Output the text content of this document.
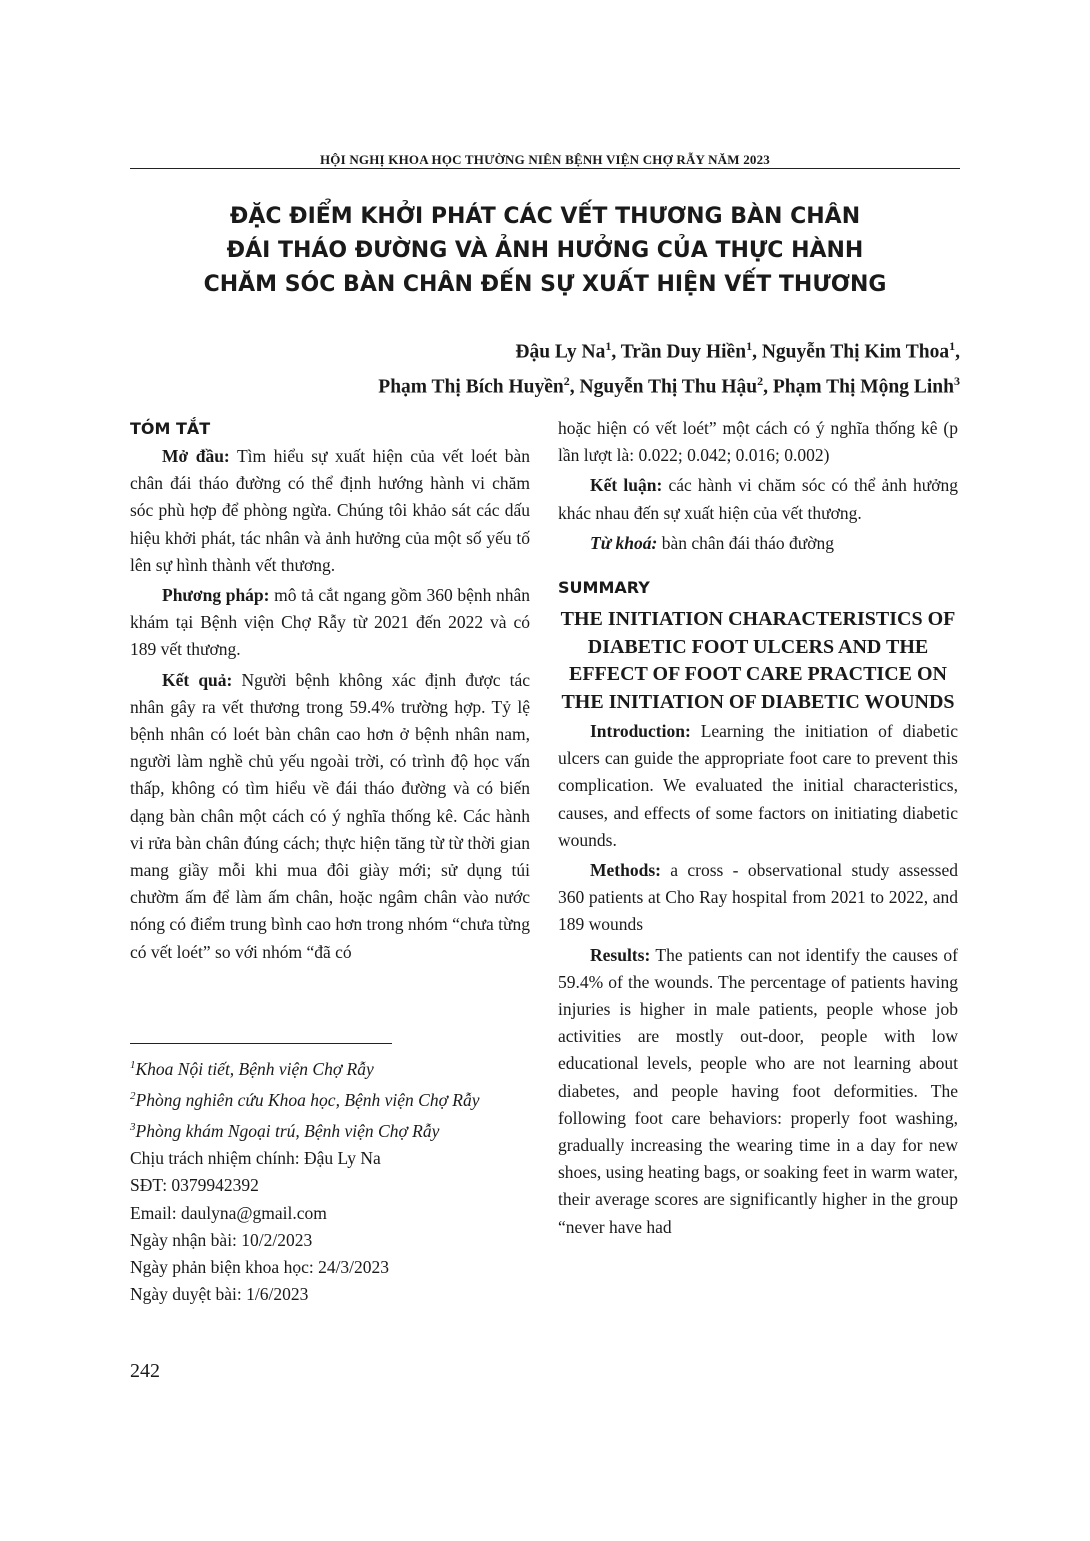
HỘI NGHỊ KHOA HỌC THƯỜNG NIÊN BỆNH VIỆN CHỢ RẪY NĂM 2023
ĐẶC ĐIỂM KHỞI PHÁT CÁC VẾT THƯƠNG BÀN CHÂN
ĐÁI THÁO ĐƯỜNG VÀ ẢNH HƯỞNG CỦA THỰC HÀNH
CHĂM SÓC BÀN CHÂN ĐẾN SỰ XUẤT HIỆN VẾT THƯƠNG
Đậu Ly Na$^1$, Trần Duy Hiền$^1$, Nguyễn Thị Kim Thoa$^1$,
Phạm Thị Bích Huyền$^2$, Nguyễn Thị Thu Hậu$^2$, Phạm Thị Mộng Linh$^3$
TÓM TẮT

Mở đầu: Tìm hiểu sự xuất hiện của vết loét bàn chân đái tháo đường có thể định hướng hành vi chăm sóc phù hợp để phòng ngừa. Chúng tôi khảo sát các dấu hiệu khởi phát, tác nhân và ảnh hưởng của một số yếu tố lên sự hình thành vết thương.

Phương pháp: mô tả cắt ngang gồm 360 bệnh nhân khám tại Bệnh viện Chợ Rẫy từ 2021 đến 2022 và có 189 vết thương.

Kết quả: Người bệnh không xác định được tác nhân gây ra vết thương trong 59.4% trường hợp. Tỷ lệ bệnh nhân có loét bàn chân cao hơn ở bệnh nhân nam, người làm nghề chủ yếu ngoài trời, có trình độ học vấn thấp, không có tìm hiểu về đái tháo đường và có biến dạng bàn chân một cách có ý nghĩa thống kê. Các hành vi rửa bàn chân đúng cách; thực hiện tăng từ từ thời gian mang giầy mỗi khi mua đôi giày mới; sử dụng túi chườm ấm để làm ấm chân, hoặc ngâm chân vào nước nóng có điểm trung bình cao hơn trong nhóm “chưa từng có vết loét” so với nhóm “đã có

$^1$Khoa Nội tiết, Bệnh viện Chợ Rẫy

$^2$Phòng nghiên cứu Khoa học, Bệnh viện Chợ Rẫy

$^3$Phòng khám Ngoại trú, Bệnh viện Chợ Rẫy

Chịu trách nhiệm chính: Đậu Ly Na

SĐT: 0379942392

Email: daulyna@gmail.com

Ngày nhận bài: 10/2/2023

Ngày phản biện khoa học: 24/3/2023

Ngày duyệt bài: 1/6/2023

hoặc hiện có vết loét” một cách có ý nghĩa thống kê (p lần lượt là: 0.022; 0.042; 0.016; 0.002)

Kết luận: các hành vi chăm sóc có thể ảnh hưởng khác nhau đến sự xuất hiện của vết thương.

Từ khoá: bàn chân đái tháo đường

SUMMARY
THE INITIATION CHARACTERISTICS OF DIABETIC FOOT ULCERS AND THE EFFECT OF FOOT CARE PRACTICE ON THE INITIATION OF DIABETIC WOUNDS

Introduction: Learning the initiation of diabetic ulcers can guide the appropriate foot care to prevent this complication. We evaluated the initial characteristics, causes, and effects of some factors on initiating diabetic wounds.

Methods: a cross - observational study assessed 360 patients at Cho Ray hospital from 2021 to 2022, and 189 wounds

Results: The patients can not identify the causes of 59.4% of the wounds. The percentage of patients having injuries is higher in male patients, people whose job activities are mostly out-door, people with low educational levels, people who are not learning about diabetes, and people having foot deformities. The following foot care behaviors: properly foot washing, gradually increasing the wearing time in a day for new shoes, using heating bags, or soaking feet in warm water, their average scores are significantly higher in the group “never have had

242
